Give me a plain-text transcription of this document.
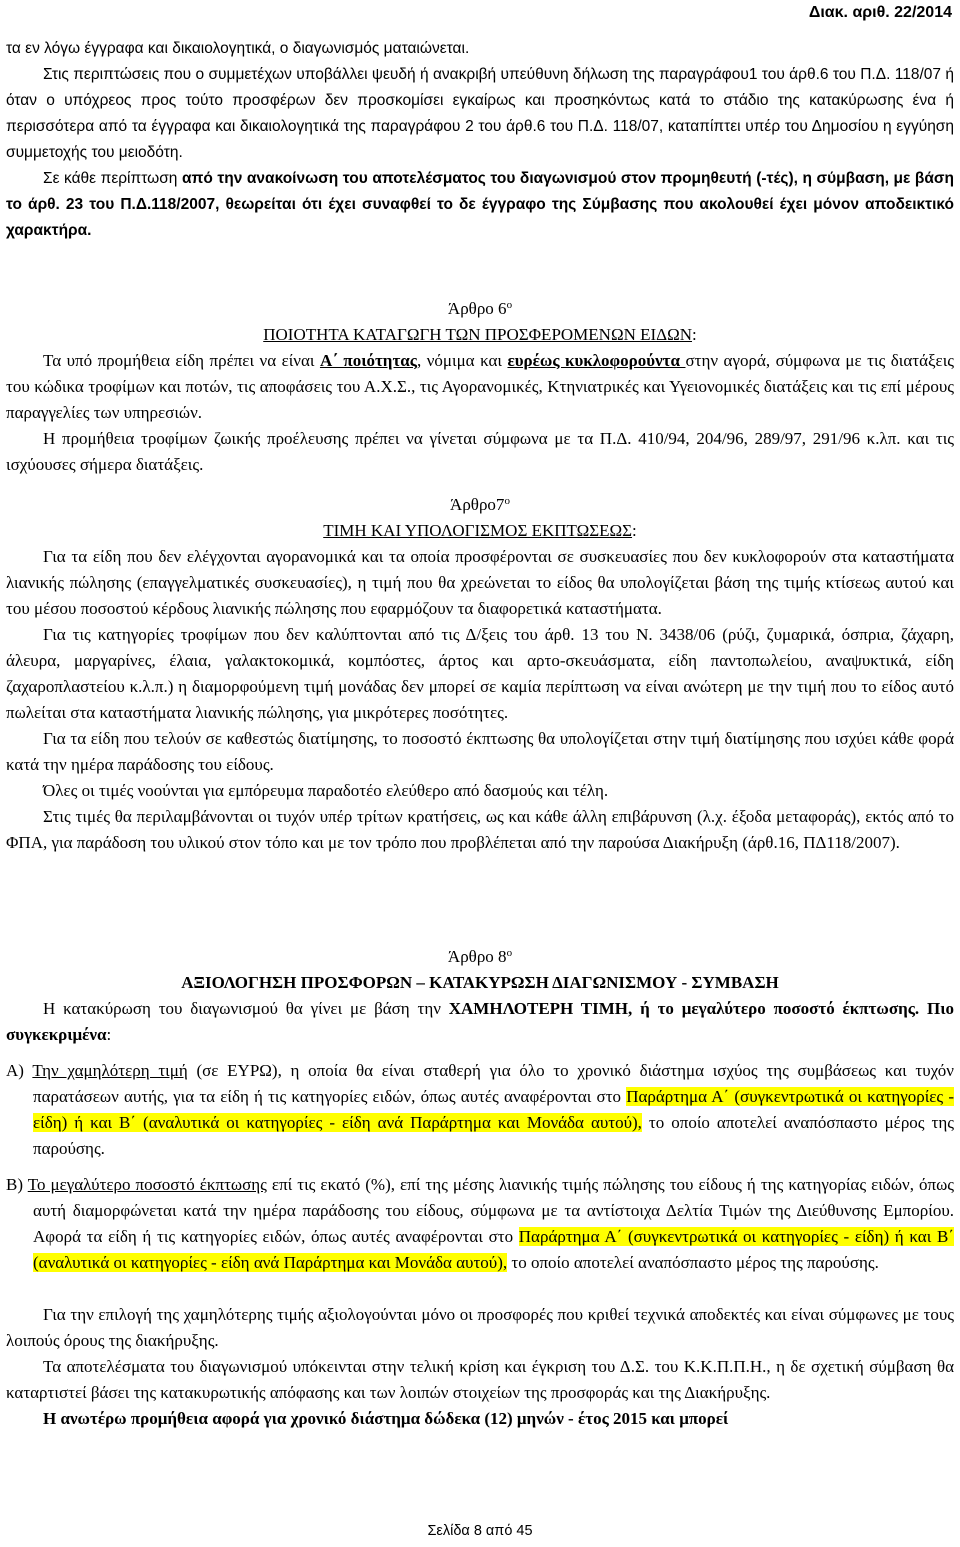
Διακ. αριθ. 22/2014

τα εν λόγω έγγραφα και δικαιολογητικά, ο διαγωνισμός ματαιώνεται.

Στις περιπτώσεις που ο συμμετέχων υποβάλλει ψευδή ή ανακριβή υπεύθυνη δήλωση της παραγράφου1 του άρθ.6 του Π.Δ. 118/07 ή όταν ο υπόχρεος προς τούτο προσφέρων δεν προσκομίσει εγκαίρως και προσηκόντως κατά το στάδιο της κατακύρωσης ένα ή περισσότερα από τα έγγραφα και δικαιολογητικά της παραγράφου 2 του άρθ.6 του Π.Δ. 118/07, καταπίπτει υπέρ του Δημοσίου η εγγύηση συμμετοχής του μειοδότη.

Σε κάθε περίπτωση από την ανακοίνωση του αποτελέσματος του διαγωνισμού στον προμηθευτή (-τές), η σύμβαση, με βάση το άρθ. 23 του Π.Δ.118/2007, θεωρείται ότι έχει συναφθεί το δε έγγραφο της Σύμβασης που ακολουθεί έχει μόνον αποδεικτικό χαρακτήρα.

Άρθρο $6^o$
ΠΟΙΟΤΗΤΑ ΚΑΤΑΓΩΓΗ ΤΩΝ ΠΡΟΣΦΕΡΟΜΕΝΩΝ ΕΙΔΩΝ:

Τα υπό προμήθεια είδη πρέπει να είναι Α΄ ποιότητας, νόμιμα και ευρέως κυκλοφορούντα στην αγορά, σύμφωνα με τις διατάξεις του κώδικα τροφίμων και ποτών, τις αποφάσεις του Α.Χ.Σ., τις Αγορανομικές, Κτηνιατρικές και Υγειονομικές διατάξεις και τις επί μέρους παραγγελίες των υπηρεσιών.

Η προμήθεια τροφίμων ζωικής προέλευσης πρέπει να γίνεται σύμφωνα με τα Π.Δ. 410/94, 204/96, 289/97, 291/96 κ.λπ. και τις ισχύουσες σήμερα διατάξεις.

$Ά\rho\theta\rho o7^o$
ΤΙΜΗ ΚΑΙ ΥΠΟΛΟΓΙΣΜΟΣ ΕΚΠΤΩΣΕΩΣ:

Για τα είδη που δεν ελέγχονται αγορανομικά και τα οποία προσφέρονται σε συσκευασίες που δεν κυκλοφορούν στα καταστήματα λιανικής πώλησης (επαγγελματικές συσκευασίες), η τιμή που θα χρεώνεται το είδος θα υπολογίζεται βάση της τιμής κτίσεως αυτού και του μέσου ποσοστού κέρδους λιανικής πώλησης που εφαρμόζουν τα διαφορετικά καταστήματα.

Για τις κατηγορίες τροφίμων που δεν καλύπτονται από τις Δ/ξεις του άρθ. 13 του Ν. 3438/06 (ρύζι, ζυμαρικά, όσπρια, ζάχαρη, άλευρα, μαργαρίνες, έλαια, γαλακτοκομικά, κομπόστες, άρτος και αρτο-σκευάσματα, είδη παντοπωλείου, αναψυκτικά, είδη ζαχαροπλαστείου κ.λ.π.) η διαμορφούμενη τιμή μονάδας δεν μπορεί σε καμία περίπτωση να είναι ανώτερη με την τιμή που το είδος αυτό πωλείται στα καταστήματα λιανικής πώλησης, για μικρότερες ποσότητες.

Για τα είδη που τελούν σε καθεστώς διατίμησης, το ποσοστό έκπτωσης θα υπολογίζεται στην τιμή διατίμησης που ισχύει κάθε φορά κατά την ημέρα παράδοσης του είδους.

Όλες οι τιμές νοούνται για εμπόρευμα παραδοτέο ελεύθερο από δασμούς και τέλη.

Στις τιμές θα περιλαμβάνονται οι τυχόν υπέρ τρίτων κρατήσεις, ως και κάθε άλλη επιβάρυνση (λ.χ. έξοδα μεταφοράς), εκτός από το ΦΠΑ, για παράδοση του υλικού στον τόπο και με τον τρόπο που προβλέπεται από την παρούσα Διακήρυξη (άρθ.16, ΠΔ118/2007).

Άρθρο $8^o$
ΑΞΙΟΛΟΓΗΣΗ ΠΡΟΣΦΟΡΩΝ – ΚΑΤΑΚΥΡΩΣΗ ΔΙΑΓΩΝΙΣΜΟΥ - ΣΥΜΒΑΣΗ

Η κατακύρωση του διαγωνισμού θα γίνει με βάση την ΧΑΜΗΛΟΤΕΡΗ ΤΙΜΗ, ή το μεγαλύτερο ποσοστό έκπτωσης. Πιο συγκεκριμένα:

Α) Την χαμηλότερη τιμή (σε ΕΥΡΩ), η οποία θα είναι σταθερή για όλο το χρονικό διάστημα ισχύος της συμβάσεως και τυχόν παρατάσεων αυτής, για τα είδη ή τις κατηγορίες ειδών, όπως αυτές αναφέρονται στο Παράρτημα Α΄ (συγκεντρωτικά οι κατηγορίες - είδη) ή και Β΄ (αναλυτικά οι κατηγορίες - είδη ανά Παράρτημα και Μονάδα αυτού), το οποίο αποτελεί αναπόσπαστο μέρος της παρούσης.

Β) Το μεγαλύτερο ποσοστό έκπτωσης επί τις εκατό (%), επί της μέσης λιανικής τιμής πώλησης του είδους ή της κατηγορίας ειδών, όπως αυτή διαμορφώνεται κατά την ημέρα παράδοσης του είδους, σύμφωνα με τα αντίστοιχα Δελτία Τιμών της Διεύθυνσης Εμπορίου. Αφορά τα είδη ή τις κατηγορίες ειδών, όπως αυτές αναφέρονται στο Παράρτημα Α΄ (συγκεντρωτικά οι κατηγορίες - είδη) ή και Β΄ (αναλυτικά οι κατηγορίες - είδη ανά Παράρτημα και Μονάδα αυτού), το οποίο αποτελεί αναπόσπαστο μέρος της παρούσης.

Για την επιλογή της χαμηλότερης τιμής αξιολογούνται μόνο οι προσφορές που κριθεί τεχνικά αποδεκτές και είναι σύμφωνες με τους λοιπούς όρους της διακήρυξης.

Τα αποτελέσματα του διαγωνισμού υπόκεινται στην τελική κρίση και έγκριση του Δ.Σ. του Κ.Κ.Π.Π.Η., η δε σχετική σύμβαση θα καταρτιστεί βάσει της κατακυρωτικής απόφασης και των λοιπών στοιχείων της προσφοράς και της Διακήρυξης.

Η ανωτέρω προμήθεια αφορά για χρονικό διάστημα δώδεκα (12) μηνών - έτος 2015 και μπορεί

Σελίδα 8 από 45
